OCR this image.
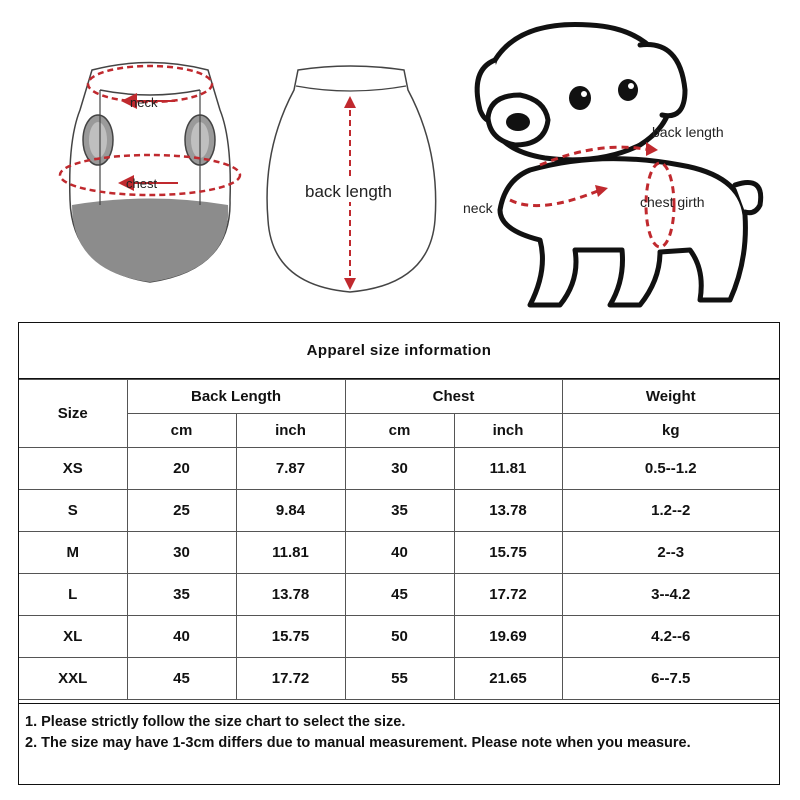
neck
chest	back length
back length
neck	chest girth
Apparel size information
Size	Back Length		Chest		Weight
	cm	inch	cm	inch	kg
XS	20	7.87	30	11.81	0.5--1.2
S	25	9.84	35	13.78	1.2--2
M	30	11.81	40	15.75	2--3
L	35	13.78	45	17.72	3--4.2
XL	40	15.75	50	19.69	4.2--6
XXL	45	17.72	55	21.65	6--7.5

1. Please strictly follow the size chart to select the size.

2. The size may have 1-3cm differs due to manual measurement. Please note when you measure.
